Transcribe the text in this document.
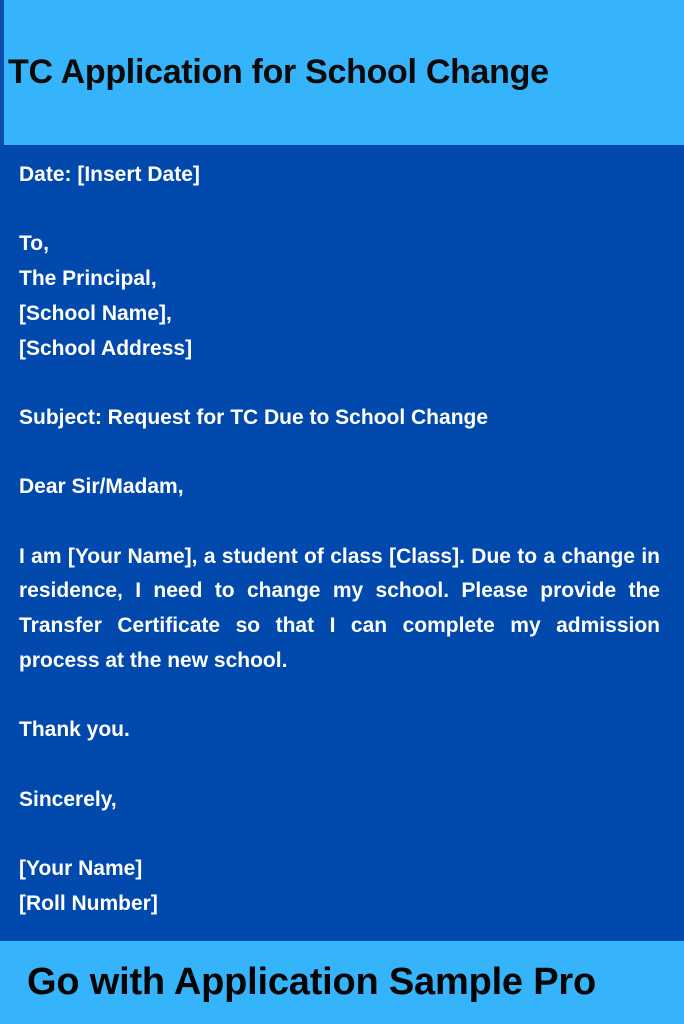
TC Application for School Change

Date: [Insert Date]

To,

The Principal,

[School Name],

[School Address]

Subject: Request for TC Due to School Change

Dear Sir/Madam,

I am [Your Name], a student of class [Class]. Due to a change in residence, I need to change my school. Please provide the Transfer Certificate so that I can complete my admission process at the new school.

Thank you.

Sincerely,

[Your Name]

[Roll Number]

Go with Application Sample Pro
